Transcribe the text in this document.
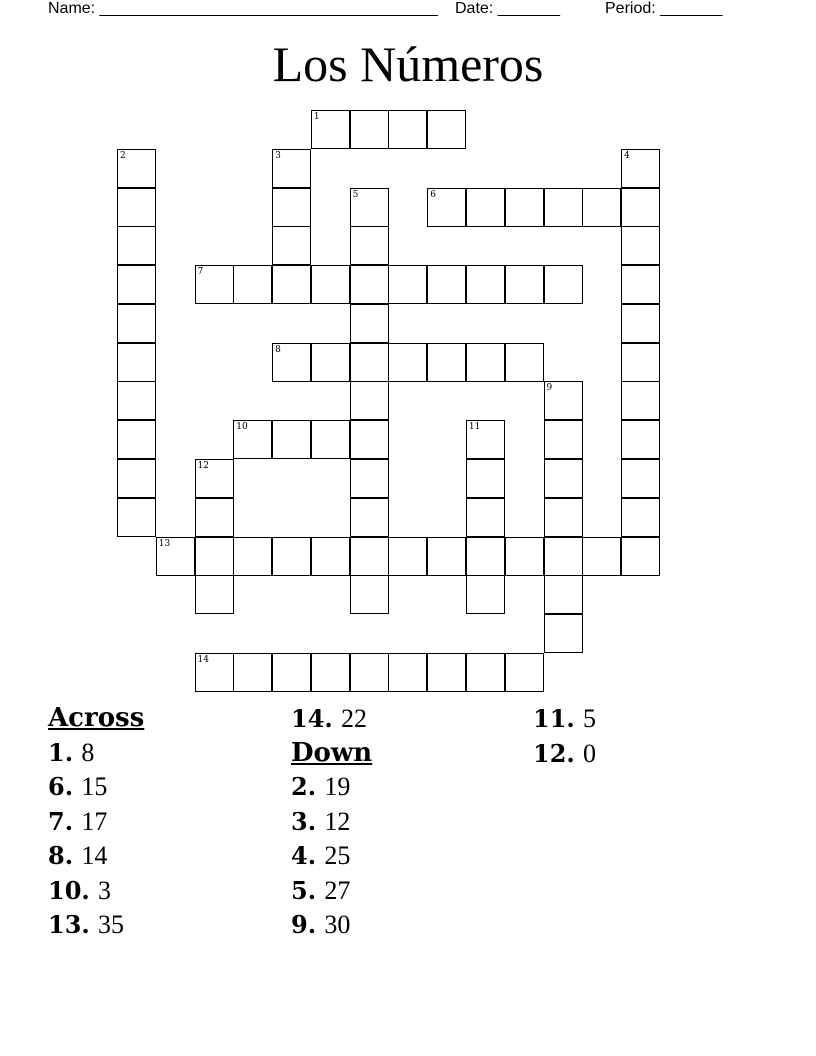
Name: ______________________________________ Date: _______	Period: _______
Los Números
1
2	3	4
5	6
7
8
9
10	11
12
13
14
Across
1. 8
6. 15
7. 17
8. 14
10. 3
13. 35
14. 22
Down
2. 19
3. 12
4. 25
5. 27
9. 30
11. 5
12. 0
